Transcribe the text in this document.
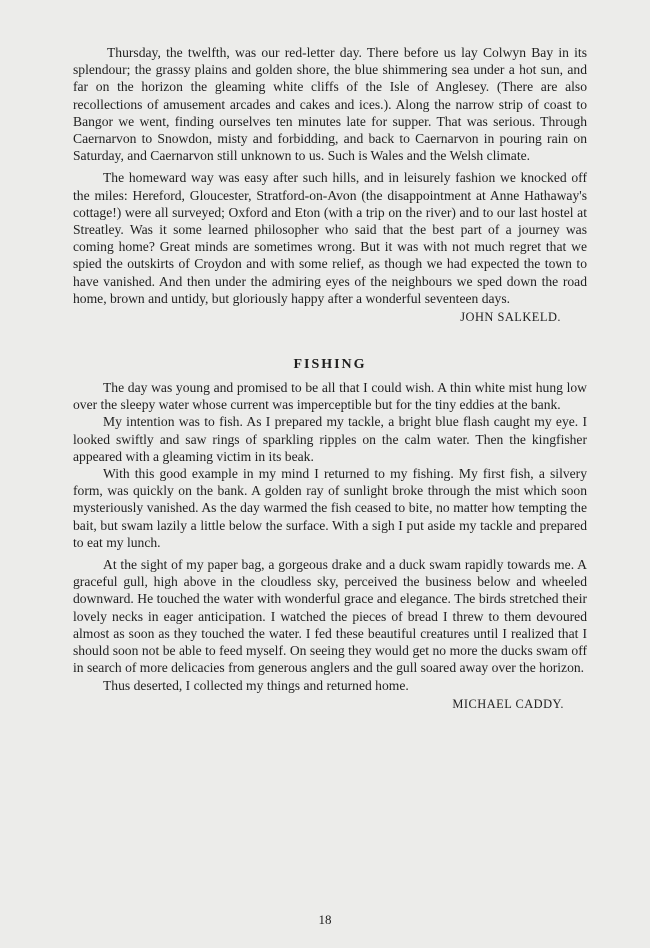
Thursday, the twelfth, was our red-letter day. There before us lay Colwyn Bay in its splendour; the grassy plains and golden shore, the blue shimmering sea under a hot sun, and far on the horizon the gleaming white cliffs of the Isle of Anglesey. (There are also recollections of amusement arcades and cakes and ices.). Along the narrow strip of coast to Bangor we went, finding ourselves ten minutes late for supper. That was serious. Through Caernarvon to Snowdon, misty and forbidding, and back to Caernarvon in pouring rain on Saturday, and Caernarvon still unknown to us. Such is Wales and the Welsh climate.

The homeward way was easy after such hills, and in leisurely fashion we knocked off the miles: Hereford, Gloucester, Stratford-on-Avon (the disappointment at Anne Hathaway's cottage!) were all surveyed; Oxford and Eton (with a trip on the river) and to our last hostel at Streatley. Was it some learned philosopher who said that the best part of a journey was coming home? Great minds are sometimes wrong. But it was with not much regret that we spied the outskirts of Croydon and with some relief, as though we had expected the town to have vanished. And then under the admiring eyes of the neighbours we sped down the road home, brown and untidy, but gloriously happy after a wonderful seventeen days.

JOHN SALKELD.

FISHING

The day was young and promised to be all that I could wish. A thin white mist hung low over the sleepy water whose current was imperceptible but for the tiny eddies at the bank.

My intention was to fish. As I prepared my tackle, a bright blue flash caught my eye. I looked swiftly and saw rings of sparkling ripples on the calm water. Then the kingfisher appeared with a gleaming victim in its beak.

With this good example in my mind I returned to my fishing. My first fish, a silvery form, was quickly on the bank. A golden ray of sunlight broke through the mist which soon mysteriously vanished. As the day warmed the fish ceased to bite, no matter how tempting the bait, but swam lazily a little below the surface. With a sigh I put aside my tackle and prepared to eat my lunch.

At the sight of my paper bag, a gorgeous drake and a duck swam rapidly towards me. A graceful gull, high above in the cloudless sky, perceived the business below and wheeled downward. He touched the water with wonderful grace and elegance. The birds stretched their lovely necks in eager anticipation. I watched the pieces of bread I threw to them devoured almost as soon as they touched the water. I fed these beautiful creatures until I realized that I should soon not be able to feed myself. On seeing they would get no more the ducks swam off in search of more delicacies from generous anglers and the gull soared away over the horizon.

Thus deserted, I collected my things and returned home.

MICHAEL CADDY.

18
